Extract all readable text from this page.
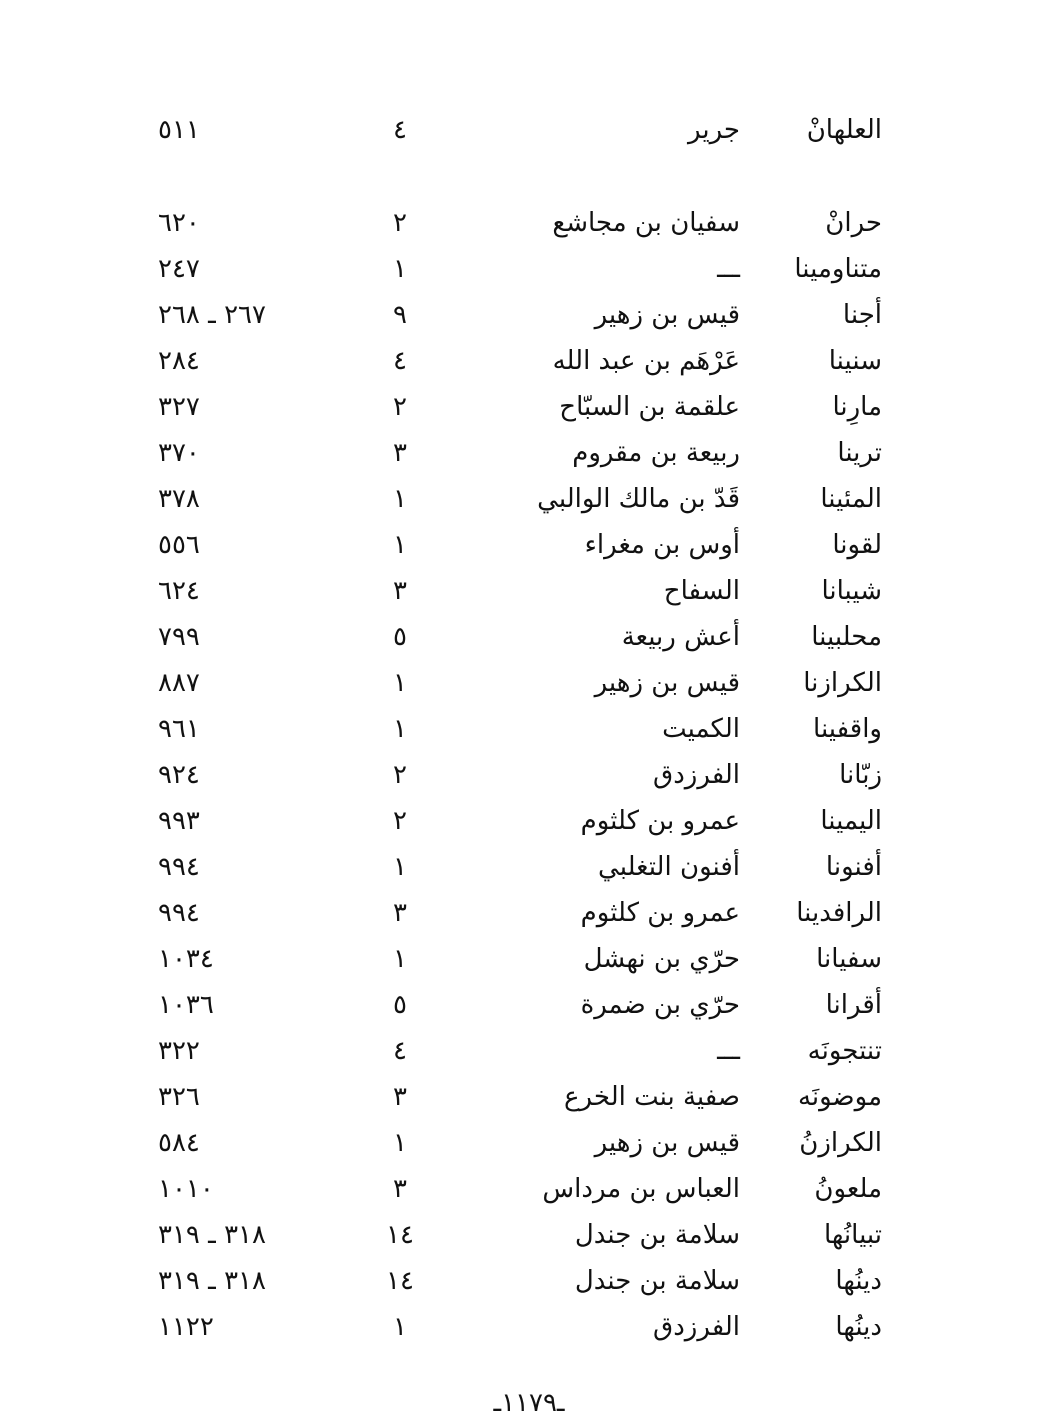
العلهانْ
جرير
٤
٥١١
حرانْ
سفيان بن مجاشع
٢
٦٢٠
متناومينا
ـــ
١
٢٤٧
أجنا
قيس بن زهير
٩
٢٦٧ ـ ٢٦٨
سنينا
عَرْهَم بن عبد الله
٤
٢٨٤
مارِنا
علقمة بن السبّاح
٢
٣٢٧
ترينا
ربيعة بن مقروم
٣
٣٧٠
المئينا
قَدّ بن مالك الوالبي
١
٣٧٨
لقونا
أوس بن مغراء
١
٥٥٦
شيبانا
السفاح
٣
٦٢٤
محلبينا
أعش ربيعة
٥
٧٩٩
الكرازنا
قيس بن زهير
١
٨٨٧
واقفينا
الكميت
١
٩٦١
زبّانا
الفرزدق
٢
٩٢٤
اليمينا
عمرو بن كلثوم
٢
٩٩٣
أفنونا
أفنون التغلبي
١
٩٩٤
الرافدينا
عمرو بن كلثوم
٣
٩٩٤
سفيانا
حرّي بن نهشل
١
١٠٣٤
أقرانا
حرّي بن ضمرة
٥
١٠٣٦
تنتجونَه
ـــ
٤
٣٢٢
موضونَه
صفية بنت الخرع
٣
٣٢٦
الكرازنُ
قيس بن زهير
١
٥٨٤
ملعونُ
العباس بن مرداس
٣
١٠١٠
تبيانُها
سلامة بن جندل
١٤
٣١٨ ـ ٣١٩
دينُها
سلامة بن جندل
١٤
٣١٨ ـ ٣١٩
دينُها
الفرزدق
١
١١٢٢
ـ١١٧٩ـ
